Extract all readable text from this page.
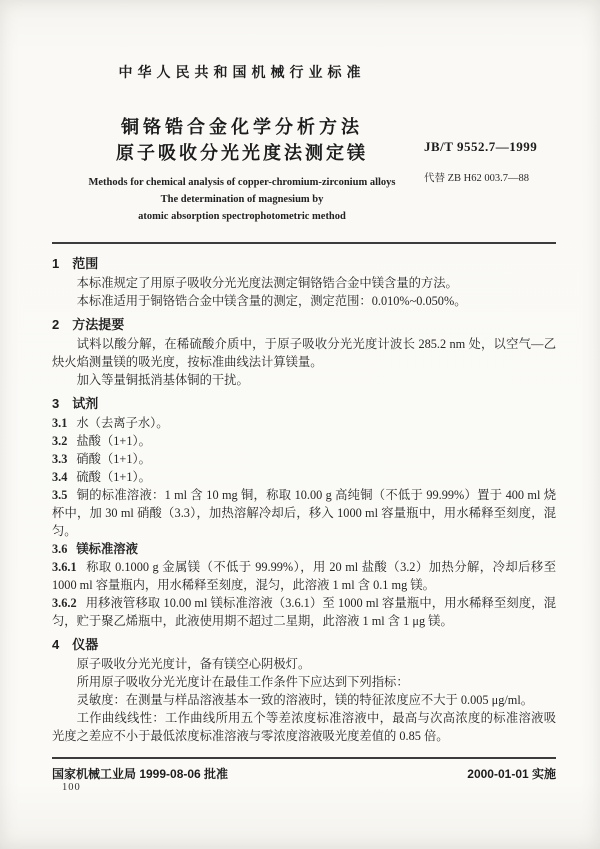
中华人民共和国机械行业标准
铜铬锆合金化学分析方法
原子吸收分光光度法测定镁
Methods for chemical analysis of copper-chromium-zirconium alloys
The determination of magnesium by
atomic absorption spectrophotometric method
JB/T 9552.7—1999
代替 ZB H62 003.7—88
1 范围

本标准规定了用原子吸收分光光度法测定铜铬锆合金中镁含量的方法。

本标准适用于铜铬锆合金中镁含量的测定，测定范围：0.010%~0.050%。

2 方法提要

试料以酸分解，在稀硫酸介质中，于原子吸收分光光度计波长 285.2 nm 处，以空气—乙炔火焰测量镁的吸光度，按标准曲线法计算镁量。

加入等量铜抵消基体铜的干扰。

3 试剂

3.1 水（去离子水）。

3.2 盐酸（1+1）。

3.3 硝酸（1+1）。

3.4 硫酸（1+1）。

3.5 铜的标准溶液：1 ml 含 10 mg 铜，称取 10.00 g 高纯铜（不低于 99.99%）置于 400 ml 烧杯中，加 30 ml 硝酸（3.3），加热溶解冷却后，移入 1000 ml 容量瓶中，用水稀释至刻度，混匀。

3.6 镁标准溶液

3.6.1 称取 0.1000 g 金属镁（不低于 99.99%），用 20 ml 盐酸（3.2）加热分解，冷却后移至 1000 ml 容量瓶内，用水稀释至刻度，混匀，此溶液 1 ml 含 0.1 mg 镁。

3.6.2 用移液管移取 10.00 ml 镁标准溶液（3.6.1）至 1000 ml 容量瓶中，用水稀释至刻度，混匀，贮于聚乙烯瓶中，此液使用期不超过二星期，此溶液 1 ml 含 1 μg 镁。

4 仪器

原子吸收分光光度计，备有镁空心阴极灯。

所用原子吸收分光光度计在最佳工作条件下应达到下列指标：

灵敏度：在测量与样品溶液基本一致的溶液时，镁的特征浓度应不大于 0.005 μg/ml。

工作曲线线性：工作曲线所用五个等差浓度标准溶液中，最高与次高浓度的标准溶液吸光度之差应不小于最低浓度标准溶液与零浓度溶液吸光度差值的 0.85 倍。

国家机械工业局 1999-08-06 批准	2000-01-01 实施
100
